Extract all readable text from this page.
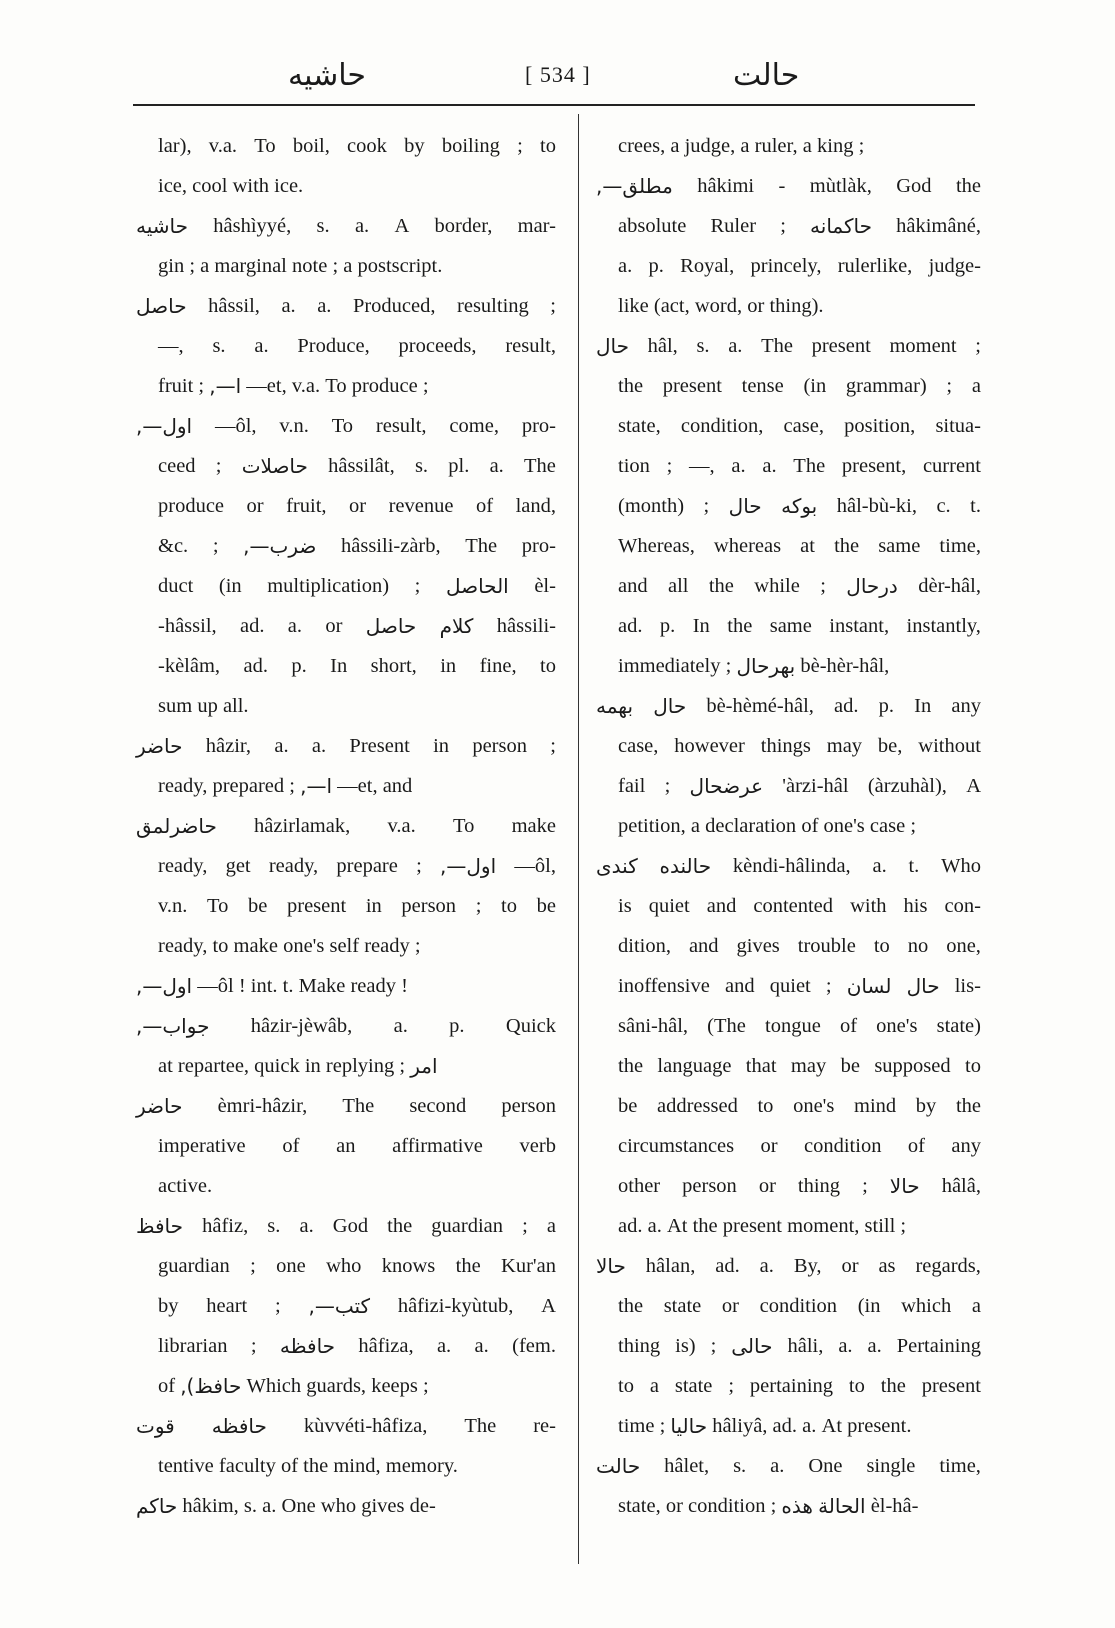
حاشيه	[ 534 ]	حالت
lar), v.a. To boil, cook by boiling ; to
ice,
cool
with
ice.

حاشيه hâshìyyé, s. a. A border, mar-
gin
;
a
marginal
note
;
a
postscript.

حاصل hâssil, a. a. Produced, resulting ;
—, s. a. Produce, proceeds, result,
fruit
;
ا—,
—et,
v.a.
To
produce
;

اول—, —ôl, v.n. To result, come, pro-
ceed ; حاصلات hâssilât, s. pl. a. The
produce or fruit, or revenue of land,
&c. ; ضرب—, hâssili-zàrb, The pro-
duct (in multiplication) ; الحاصل èl-
-hâssil, ad. a. or حاصل كلام hâssili-
-kèlâm, ad. p. In short, in fine, to
sum
up
all.

حاضر hâzir, a. a. Present in person ;
ready,
prepared
;
ا—,
—et,
and

حاضرلمق hâzirlamak, v.a. To make
ready, get ready, prepare ; اول—, —ôl,
v.n. To be present in person ; to be
ready,
to
make
one's
self
ready
;

اول—,
—ôl
!
int.
t.
Make
ready
!

جواب—, hâzir-jèwâb, a. p. Quick
at
repartee,
quick
in
replying
;
امر

حاضر èmri-hâzir, The second person
imperative of an affirmative verb
active.

حافظ hâfiz, s. a. God the guardian ; a
guardian ; one who knows the Kur'an
by heart ; كتب—, hâfizi-kyùtub, A
librarian ; حافظه hâfiza, a. a. (fem.
of
حافظ),
Which
guards,
keeps
;

قوت حافظه kùvvéti-hâfiza, The re-
tentive
faculty
of
the
mind,
memory.

حاكم
hâkim,
s.
a.
One
who
gives
de-

crees,
a
judge,
a
ruler,
a
king
;

مطلق—, hâkimi - mùtlàk, God the
absolute Ruler ; حاكمانه hâkimâné,
a. p. Royal, princely, rulerlike, judge-
like
(act,
word,
or
thing).

حال hâl, s. a. The present moment ;
the present tense (in grammar) ; a
state, condition, case, position, situa-
tion ; —, a. a. The present, current
(month) ; حال بوكه hâl-bù-ki, c. t.
Whereas, whereas at the same time,
and all the while ; درحال dèr-hâl,
ad. p. In the same instant, instantly,
immediately
;
بهرحال
bè-hèr-hâl,

بهمه حال bè-hèmé-hâl, ad. p. In any
case, however things may be, without
fail ; عرضحال 'àrzi-hâl (àrzuhàl), A
petition,
a
declaration
of
one's
case
;

كندى حالنده kèndi-hâlinda, a. t. Who
is quiet and contented with his con-
dition, and gives trouble to no one,
inoffensive and quiet ; لسان حال lis-
sâni-hâl, (The tongue of one's state)
the language that may be supposed to
be addressed to one's mind by the
circumstances or condition of any
other person or thing ; حالا hâlâ,
ad.
a.
At
the
present
moment,
still
;

حالا hâlan, ad. a. By, or as regards,
the state or condition (in which a
thing is) ; حالى hâli, a. a. Pertaining
to a state ; pertaining to the present
time
;
حاليا
hâliyâ,
ad.
a.
At
present.

حالت hâlet, s. a. One single time,
state,
or
condition
;
هذه
الحالة
èl-hâ-
